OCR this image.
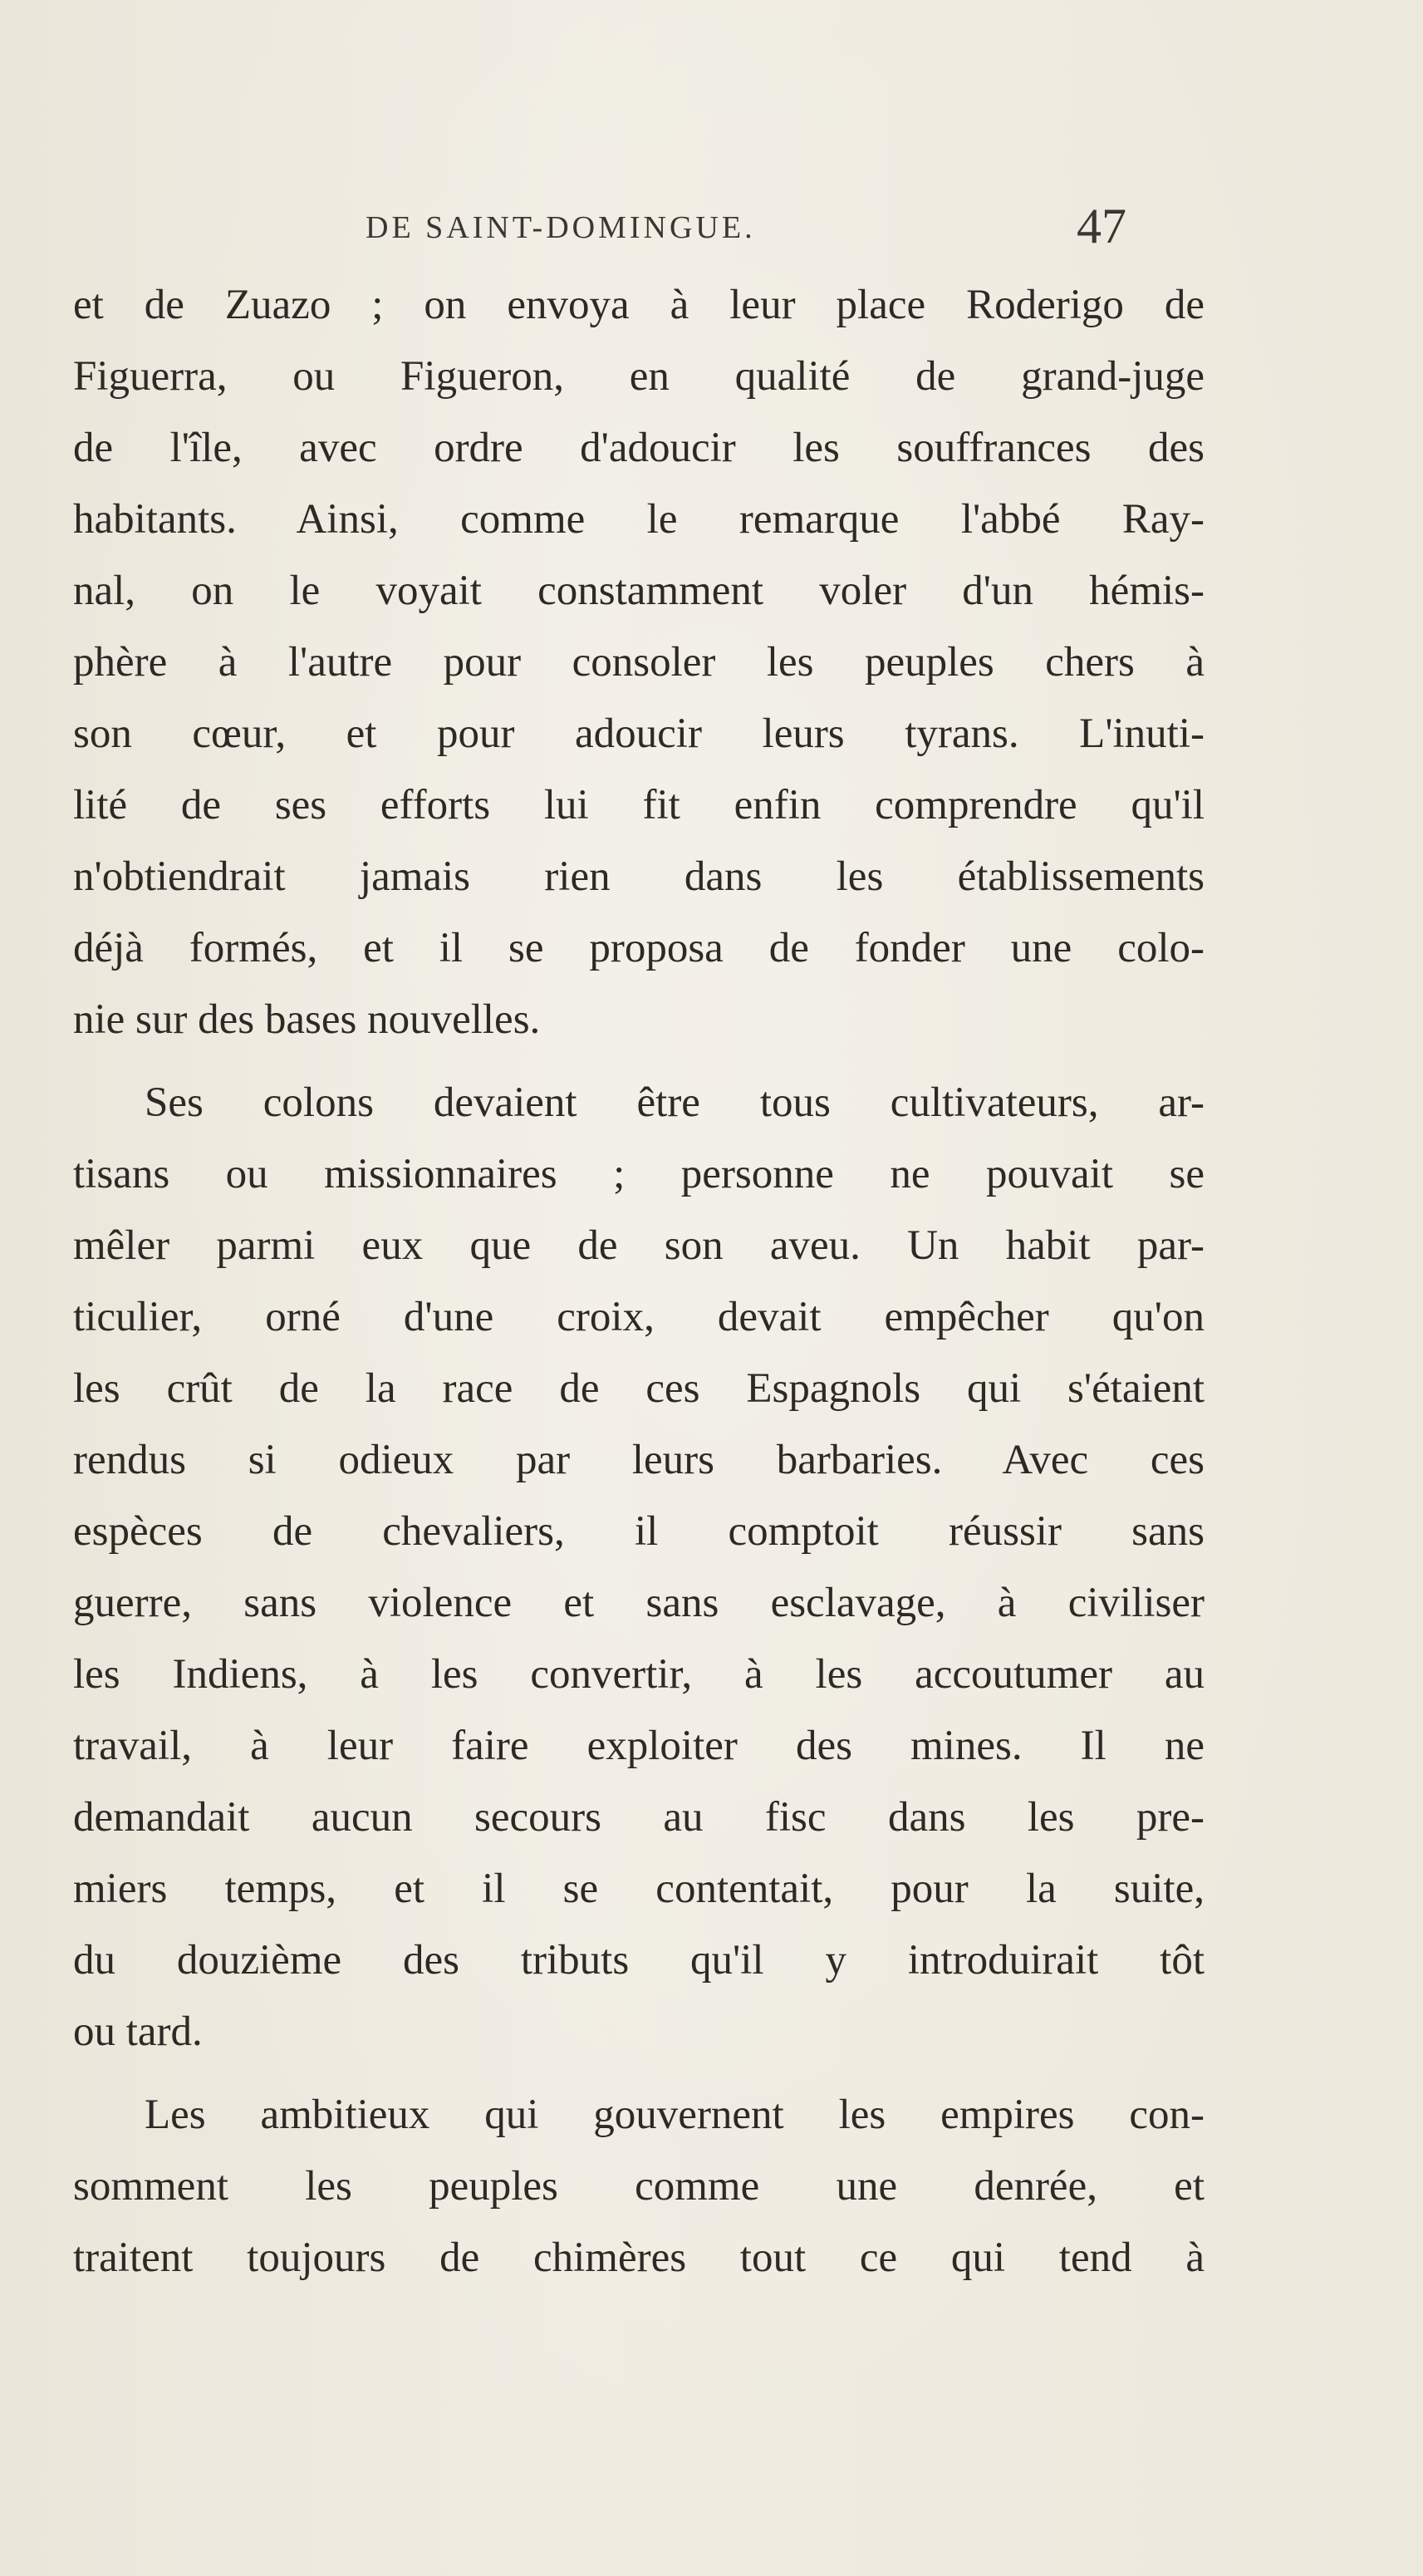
DE SAINT-DOMINGUE.	47
et de Zuazo ; on envoya à leur place Roderigo de
Figuerra, ou Figueron, en qualité de grand-juge
de l'île, avec ordre d'adoucir les souffrances des
habitants. Ainsi, comme le remarque l'abbé Ray-
nal, on le voyait constamment voler d'un hémis-
phère à l'autre pour consoler les peuples chers à
son cœur, et pour adoucir leurs tyrans. L'inuti-
lité de ses efforts lui fit enfin comprendre qu'il
n'obtiendrait jamais rien dans les établissements
déjà formés, et il se proposa de fonder une colo-
nie sur des bases nouvelles.
Ses colons devaient être tous cultivateurs, ar-
tisans ou missionnaires ; personne ne pouvait se
mêler parmi eux que de son aveu. Un habit par-
ticulier, orné d'une croix, devait empêcher qu'on
les crût de la race de ces Espagnols qui s'étaient
rendus si odieux par leurs barbaries. Avec ces
espèces de chevaliers, il comptoit réussir sans
guerre, sans violence et sans esclavage, à civiliser
les Indiens, à les convertir, à les accoutumer au
travail, à leur faire exploiter des mines. Il ne
demandait aucun secours au fisc dans les pre-
miers temps, et il se contentait, pour la suite,
du douzième des tributs qu'il y introduirait tôt
ou tard.
Les ambitieux qui gouvernent les empires con-
somment les peuples comme une denrée, et
traitent toujours de chimères tout ce qui tend à
